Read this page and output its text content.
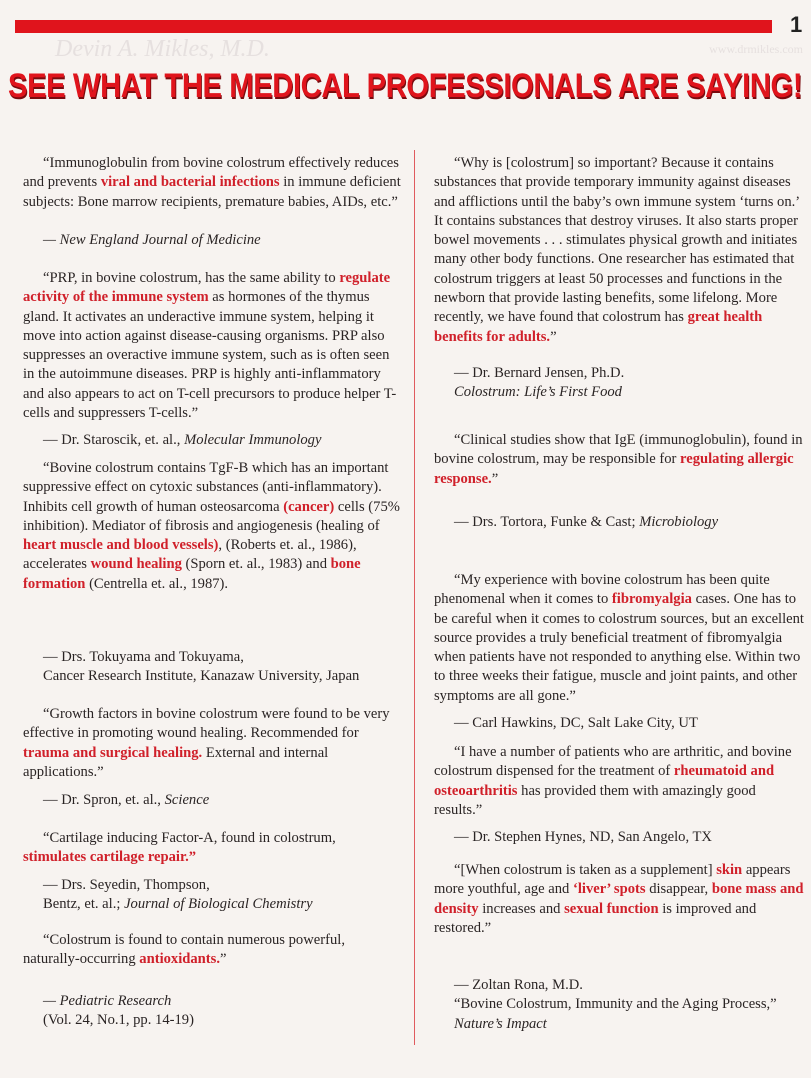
1
Devin A. Mikles, M.D.	www.drmikles.com
SEE WHAT THE MEDICAL PROFESSIONALS ARE SAYING!
“Immunoglobulin from bovine colostrum effectively reduces and prevents viral and bacterial infections in immune deficient subjects: Bone marrow recipients, premature babies, AIDs, etc.”
— New England Journal of Medicine
“PRP, in bovine colostrum, has the same ability to regulate activity of the immune system as hormones of the thymus gland. It activates an underactive immune system, helping it move into action against disease-causing organisms. PRP also suppresses an overactive immune system, such as is often seen in the autoimmune diseases. PRP is highly anti-inflammatory and also appears to act on T-cell precursors to produce helper T-cells and suppressers T-cells.”
— Dr. Staroscik, et. al., Molecular Immunology
“Bovine colostrum contains TgF-B which has an important suppressive effect on cytoxic substances (anti-inflammatory). Inhibits cell growth of human osteosarcoma (cancer) cells (75% inhibition). Mediator of fibrosis and angiogenesis (healing of heart muscle and blood vessels), (Roberts et. al., 1986), accelerates wound healing (Sporn et. al., 1983) and bone formation (Centrella et. al., 1987).
— Drs. Tokuyama and Tokuyama,
Cancer Research Institute, Kanazaw University, Japan
“Growth factors in bovine colostrum were found to be very effective in promoting wound healing. Recommended for trauma and surgical healing. External and internal applications.”
— Dr. Spron, et. al., Science
“Cartilage inducing Factor-A, found in colostrum, stimulates cartilage repair.”
— Drs. Seyedin, Thompson,
Bentz, et. al.; Journal of Biological Chemistry
“Colostrum is found to contain numerous powerful, naturally-occurring antioxidants.”
— Pediatric Research
(Vol. 24, No.1, pp. 14-19)
“Why is [colostrum] so important? Because it contains substances that provide temporary immunity against diseases and afflictions until the baby’s own immune system ‘turns on.’ It contains substances that destroy viruses. It also starts proper bowel movements . . . stimulates physical growth and initiates many other body functions. One researcher has estimated that colostrum triggers at least 50 processes and functions in the newborn that provide lasting benefits, some lifelong. More recently, we have found that colostrum has great health benefits for adults.”
— Dr. Bernard Jensen, Ph.D.
Colostrum: Life’s First Food
“Clinical studies show that IgE (immunoglobulin), found in bovine colostrum, may be responsible for regulating allergic response.”
— Drs. Tortora, Funke & Cast; Microbiology
“My experience with bovine colostrum has been quite phenomenal when it comes to fibromyalgia cases. One has to be careful when it comes to colostrum sources, but an excellent source provides a truly beneficial treatment of fibromyalgia when patients have not responded to anything else. Within two to three weeks their fatigue, muscle and joint paints, and other symptoms are all gone.”
— Carl Hawkins, DC, Salt Lake City, UT
“I have a number of patients who are arthritic, and bovine colostrum dispensed for the treatment of rheumatoid and osteoarthritis has provided them with amazingly good results.”
— Dr. Stephen Hynes, ND, San Angelo, TX
“[When colostrum is taken as a supplement] skin appears more youthful, age and ‘liver’ spots disappear, bone mass and density increases and sexual function is improved and restored.”
— Zoltan Rona, M.D.
“Bovine Colostrum, Immunity and the Aging Process,” Nature’s Impact
